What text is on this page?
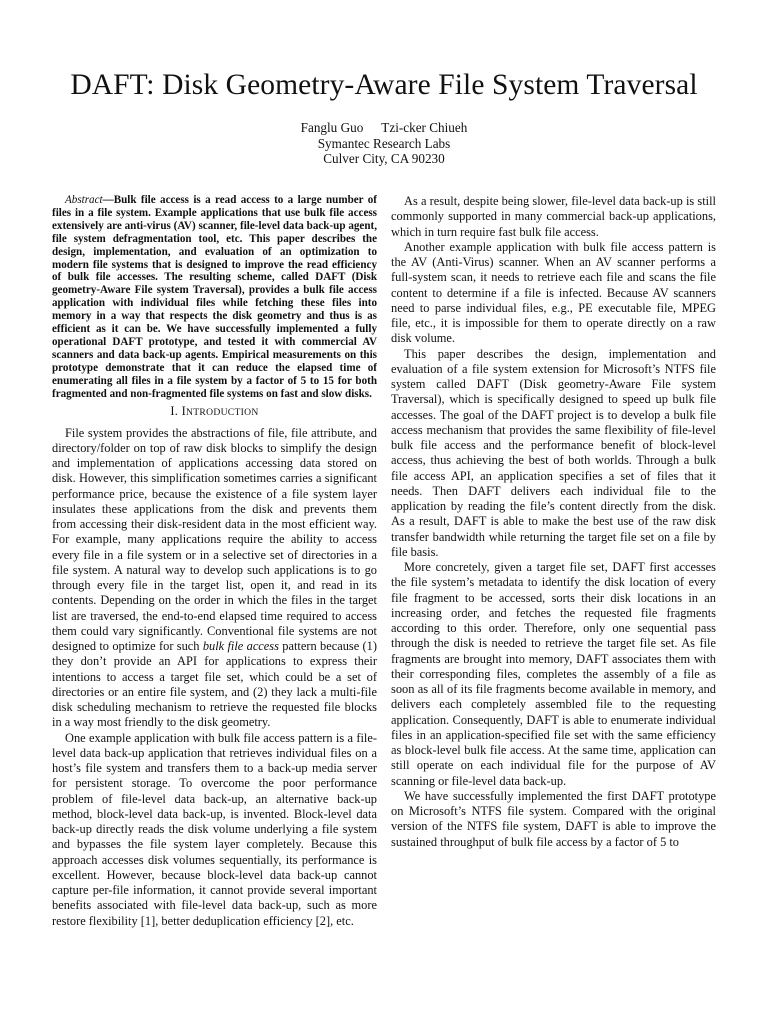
DAFT: Disk Geometry-Aware File System Traversal
Fanglu Guo Tzi-cker Chiueh
Symantec Research Labs
Culver City, CA 90230

Abstract—Bulk file access is a read access to a large number of files in a file system. Example applications that use bulk file access extensively are anti-virus (AV) scanner, file-level data back-up agent, file system defragmentation tool, etc. This paper describes the design, implementation, and evaluation of an optimization to modern file systems that is designed to improve the read efficiency of bulk file accesses. The resulting scheme, called DAFT (Disk geometry-Aware File system Traversal), provides a bulk file access application with individual files while fetching these files into memory in a way that respects the disk geometry and thus is as efficient as it can be. We have successfully implemented a fully operational DAFT prototype, and tested it with commercial AV scanners and data back-up agents. Empirical measurements on this prototype demonstrate that it can reduce the elapsed time of enumerating all files in a file system by a factor of 5 to 15 for both fragmented and non-fragmented file systems on fast and slow disks.

I. INTRODUCTION

File system provides the abstractions of file, file attribute, and directory/folder on top of raw disk blocks to simplify the design and implementation of applications accessing data stored on disk. However, this simplification sometimes carries a significant performance price, because the existence of a file system layer insulates these applications from the disk and prevents them from accessing their disk-resident data in the most efficient way. For example, many applications require the ability to access every file in a file system or in a selective set of directories in a file system. A natural way to develop such applications is to go through every file in the target list, open it, and read in its contents. Depending on the order in which the files in the target list are traversed, the end-to-end elapsed time required to access them could vary significantly. Conventional file systems are not designed to optimize for such bulk file access pattern because (1) they don’t provide an API for applications to express their intentions to access a target file set, which could be a set of directories or an entire file system, and (2) they lack a multi-file disk scheduling mechanism to retrieve the requested file blocks in a way most friendly to the disk geometry.

One example application with bulk file access pattern is a file-level data back-up application that retrieves individual files on a host’s file system and transfers them to a back-up media server for persistent storage. To overcome the poor performance problem of file-level data back-up, an alternative back-up method, block-level data back-up, is invented. Block-level data back-up directly reads the disk volume underlying a file system and bypasses the file system layer completely. Because this approach accesses disk volumes sequentially, its performance is excellent. However, because block-level data back-up cannot capture per-file information, it cannot provide several important benefits associated with file-level data back-up, such as more restore flexibility [1], better deduplication efficiency [2], etc.

As a result, despite being slower, file-level data back-up is still commonly supported in many commercial back-up applications, which in turn require fast bulk file access.

Another example application with bulk file access pattern is the AV (Anti-Virus) scanner. When an AV scanner performs a full-system scan, it needs to retrieve each file and scans the file content to determine if a file is infected. Because AV scanners need to parse individual files, e.g., PE executable file, MPEG file, etc., it is impossible for them to operate directly on a raw disk volume.

This paper describes the design, implementation and evaluation of a file system extension for Microsoft’s NTFS file system called DAFT (Disk geometry-Aware File system Traversal), which is specifically designed to speed up bulk file accesses. The goal of the DAFT project is to develop a bulk file access mechanism that provides the same flexibility of file-level bulk file access and the performance benefit of block-level access, thus achieving the best of both worlds. Through a bulk file access API, an application specifies a set of files that it needs. Then DAFT delivers each individual file to the application by reading the file’s content directly from the disk. As a result, DAFT is able to make the best use of the raw disk transfer bandwidth while returning the target file set on a file by file basis.

More concretely, given a target file set, DAFT first accesses the file system’s metadata to identify the disk location of every file fragment to be accessed, sorts their disk locations in an increasing order, and fetches the requested file fragments according to this order. Therefore, only one sequential pass through the disk is needed to retrieve the target file set. As file fragments are brought into memory, DAFT associates them with their corresponding files, completes the assembly of a file as soon as all of its file fragments become available in memory, and delivers each completely assembled file to the requesting application. Consequently, DAFT is able to enumerate individual files in an application-specified file set with the same efficiency as block-level bulk file access. At the same time, application can still operate on each individual file for the purpose of AV scanning or file-level data back-up.

We have successfully implemented the first DAFT prototype on Microsoft’s NTFS file system. Compared with the original version of the NTFS file system, DAFT is able to improve the sustained throughput of bulk file access by a factor of 5 to
